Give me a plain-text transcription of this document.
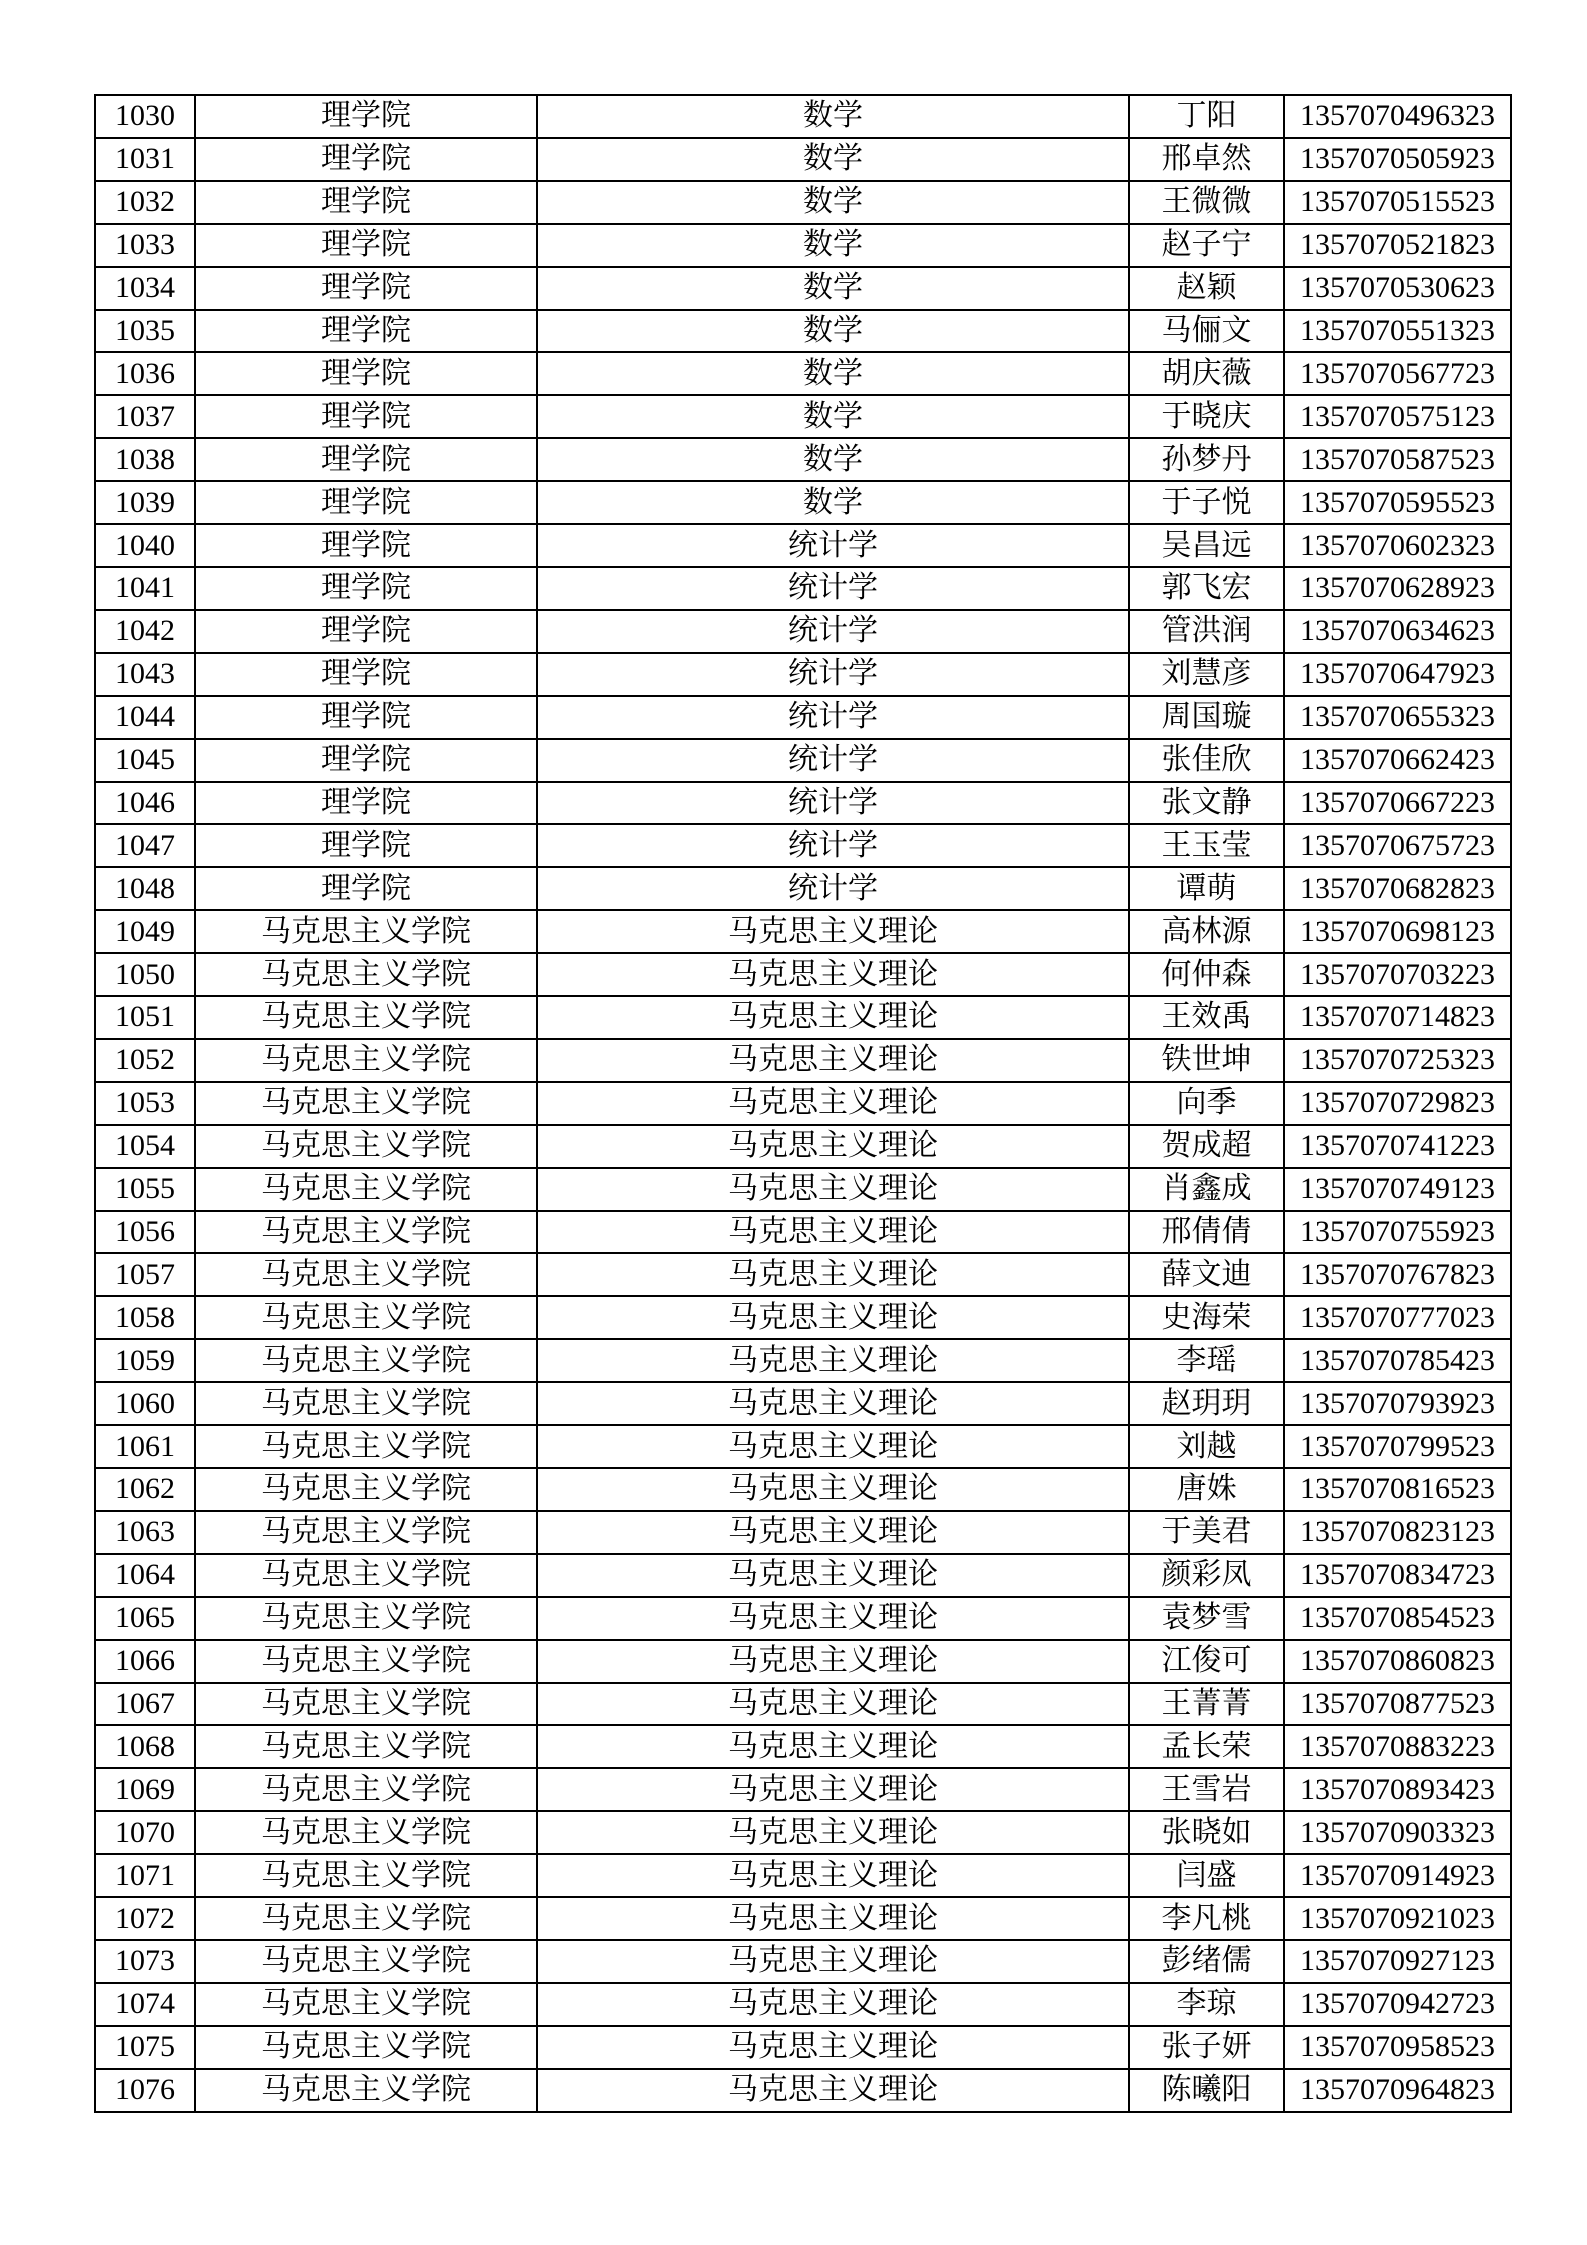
1030	理学院	数学	丁阳	1357070496323
1031	理学院	数学	邢卓然	1357070505923
1032	理学院	数学	王微微	1357070515523
1033	理学院	数学	赵子宁	1357070521823
1034	理学院	数学	赵颖	1357070530623
1035	理学院	数学	马俪文	1357070551323
1036	理学院	数学	胡庆薇	1357070567723
1037	理学院	数学	于晓庆	1357070575123
1038	理学院	数学	孙梦丹	1357070587523
1039	理学院	数学	于子悦	1357070595523
1040	理学院	统计学	吴昌远	1357070602323
1041	理学院	统计学	郭飞宏	1357070628923
1042	理学院	统计学	管洪润	1357070634623
1043	理学院	统计学	刘慧彦	1357070647923
1044	理学院	统计学	周国璇	1357070655323
1045	理学院	统计学	张佳欣	1357070662423
1046	理学院	统计学	张文静	1357070667223
1047	理学院	统计学	王玉莹	1357070675723
1048	理学院	统计学	谭萌	1357070682823
1049	马克思主义学院	马克思主义理论	高林源	1357070698123
1050	马克思主义学院	马克思主义理论	何仲森	1357070703223
1051	马克思主义学院	马克思主义理论	王效禹	1357070714823
1052	马克思主义学院	马克思主义理论	铁世坤	1357070725323
1053	马克思主义学院	马克思主义理论	向季	1357070729823
1054	马克思主义学院	马克思主义理论	贺成超	1357070741223
1055	马克思主义学院	马克思主义理论	肖鑫成	1357070749123
1056	马克思主义学院	马克思主义理论	邢倩倩	1357070755923
1057	马克思主义学院	马克思主义理论	薛文迪	1357070767823
1058	马克思主义学院	马克思主义理论	史海荣	1357070777023
1059	马克思主义学院	马克思主义理论	李瑶	1357070785423
1060	马克思主义学院	马克思主义理论	赵玥玥	1357070793923
1061	马克思主义学院	马克思主义理论	刘越	1357070799523
1062	马克思主义学院	马克思主义理论	唐姝	1357070816523
1063	马克思主义学院	马克思主义理论	于美君	1357070823123
1064	马克思主义学院	马克思主义理论	颜彩凤	1357070834723
1065	马克思主义学院	马克思主义理论	袁梦雪	1357070854523
1066	马克思主义学院	马克思主义理论	江俊可	1357070860823
1067	马克思主义学院	马克思主义理论	王菁菁	1357070877523
1068	马克思主义学院	马克思主义理论	孟长荣	1357070883223
1069	马克思主义学院	马克思主义理论	王雪岩	1357070893423
1070	马克思主义学院	马克思主义理论	张晓如	1357070903323
1071	马克思主义学院	马克思主义理论	闫盛	1357070914923
1072	马克思主义学院	马克思主义理论	李凡桃	1357070921023
1073	马克思主义学院	马克思主义理论	彭绪儒	1357070927123
1074	马克思主义学院	马克思主义理论	李琼	1357070942723
1075	马克思主义学院	马克思主义理论	张子妍	1357070958523
1076	马克思主义学院	马克思主义理论	陈曦阳	1357070964823
